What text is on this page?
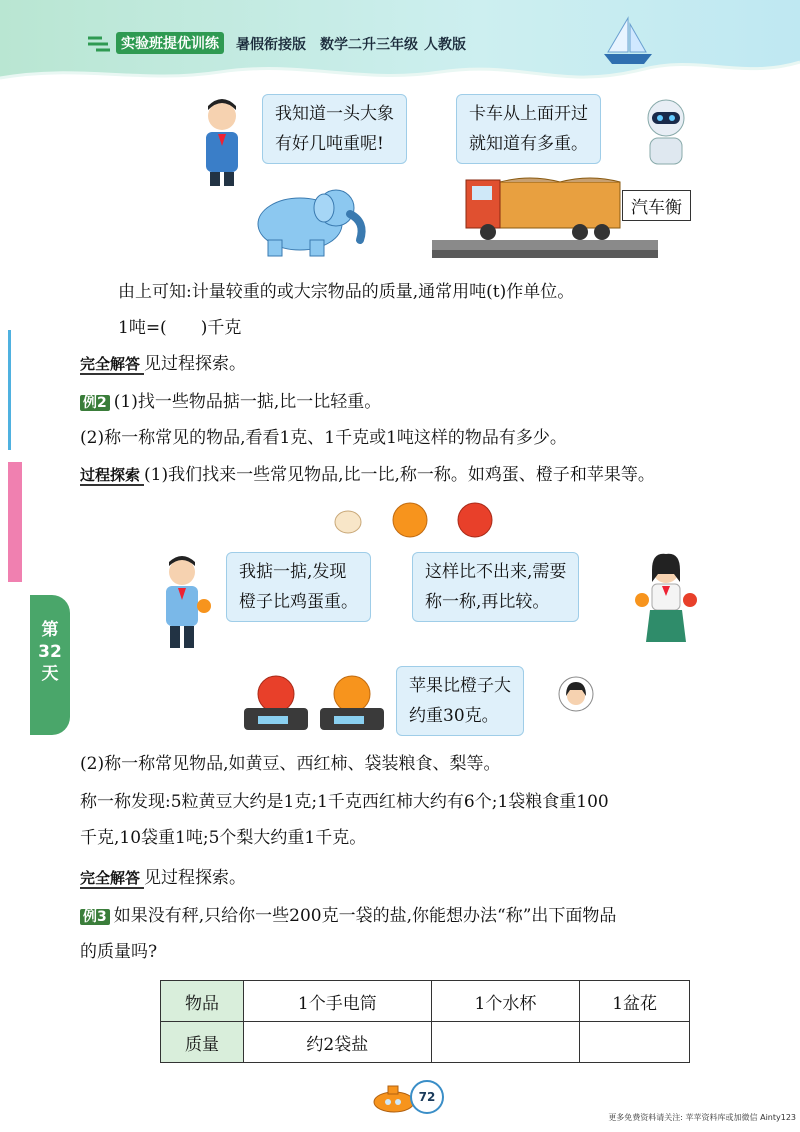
实验班提优训练	暑假衔接版 数学二升三年级 人教版
我知道一头大象
有好几吨重呢!
卡车从上面开过
就知道有多重。
汽车衡
由上可知:计量较重的或大宗物品的质量,通常用吨(t)作单位。
1吨=(　　)千克
完全解答 见过程探索。
例2 (1)找一些物品掂一掂,比一比轻重。
(2)称一称常见的物品,看看1克、1千克或1吨这样的物品有多少。
过程探索 (1)我们找来一些常见物品,比一比,称一称。如鸡蛋、橙子和苹果等。
我掂一掂,发现
橙子比鸡蛋重。
这样比不出来,需要
称一称,再比较。
苹果比橙子大
约重30克。
第
32
天
(2)称一称常见物品,如黄豆、西红柿、袋装粮食、梨等。
称一称发现:5粒黄豆大约是1克;1千克西红柿大约有6个;1袋粮食重100
千克,10袋重1吨;5个梨大约重1千克。
完全解答 见过程探索。
例3 如果没有秤,只给你一些200克一袋的盐,你能想办法“称”出下面物品
的质量吗?
物品	1个手电筒	1个水杯	1盆花
质量	约2袋盐		
72
更多免费资料请关注: 苹苹资料库或加微信 Ainty123
